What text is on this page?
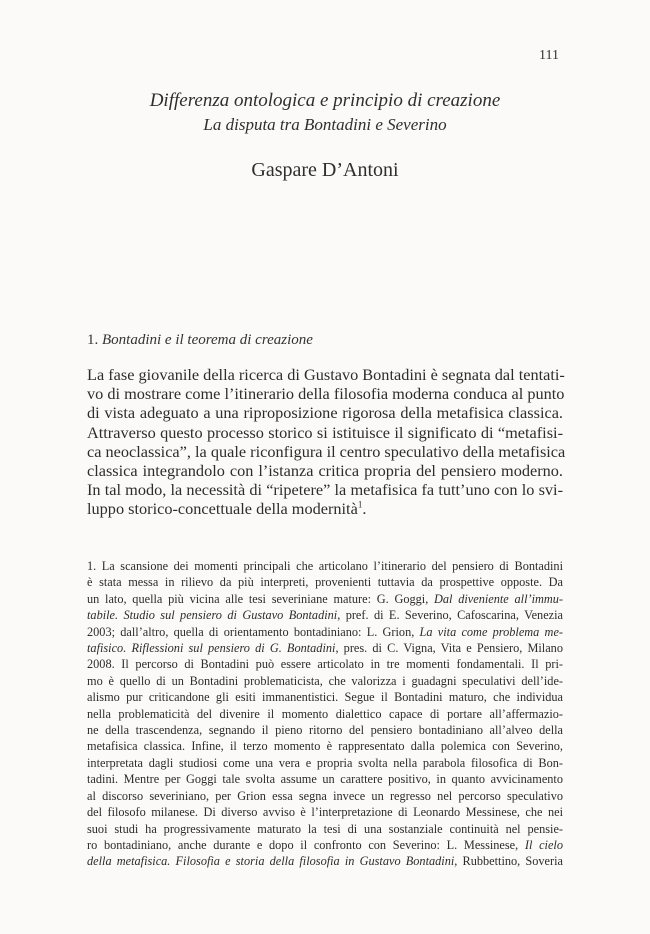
111
Differenza ontologica e principio di creazione
La disputa tra Bontadini e Severino
Gaspare D’Antoni
1. Bontadini e il teorema di creazione
La fase giovanile della ricerca di Gustavo Bontadini è segnata dal tentati-
vo di mostrare come l’itinerario della filosofia moderna conduca al punto
di vista adeguato a una riproposizione rigorosa della metafisica classica.
Attraverso questo processo storico si istituisce il significato di “metafisi-
ca neoclassica”, la quale riconfigura il centro speculativo della metafisica
classica integrandolo con l’istanza critica propria del pensiero moderno.
In tal modo, la necessità di “ripetere” la metafisica fa tutt’uno con lo svi-
luppo storico-concettuale della modernità$^1$.
1. La scansione dei momenti principali che articolano l’itinerario del pensiero di Bontadini
è stata messa in rilievo da più interpreti, provenienti tuttavia da prospettive opposte. Da
un lato, quella più vicina alle tesi severiniane mature: G. Goggi, Dal diveniente all’immu-
tabile. Studio sul pensiero di Gustavo Bontadini, pref. di E. Severino, Cafoscarina, Venezia
2003; dall’altro, quella di orientamento bontadiniano: L. Grion, La vita come problema me-
tafisico. Riflessioni sul pensiero di G. Bontadini, pres. di C. Vigna, Vita e Pensiero, Milano
2008. Il percorso di Bontadini può essere articolato in tre momenti fondamentali. Il pri-
mo è quello di un Bontadini problematicista, che valorizza i guadagni speculativi dell’ide-
alismo pur criticandone gli esiti immanentistici. Segue il Bontadini maturo, che individua
nella problematicità del divenire il momento dialettico capace di portare all’affermazio-
ne della trascendenza, segnando il pieno ritorno del pensiero bontadiniano all’alveo della
metafisica classica. Infine, il terzo momento è rappresentato dalla polemica con Severino,
interpretata dagli studiosi come una vera e propria svolta nella parabola filosofica di Bon-
tadini. Mentre per Goggi tale svolta assume un carattere positivo, in quanto avvicinamento
al discorso severiniano, per Grion essa segna invece un regresso nel percorso speculativo
del filosofo milanese. Di diverso avviso è l’interpretazione di Leonardo Messinese, che nei
suoi studi ha progressivamente maturato la tesi di una sostanziale continuità nel pensie-
ro bontadiniano, anche durante e dopo il confronto con Severino: L. Messinese, Il cielo
della metafisica. Filosofia e storia della filosofia in Gustavo Bontadini, Rubbettino, Soveria
